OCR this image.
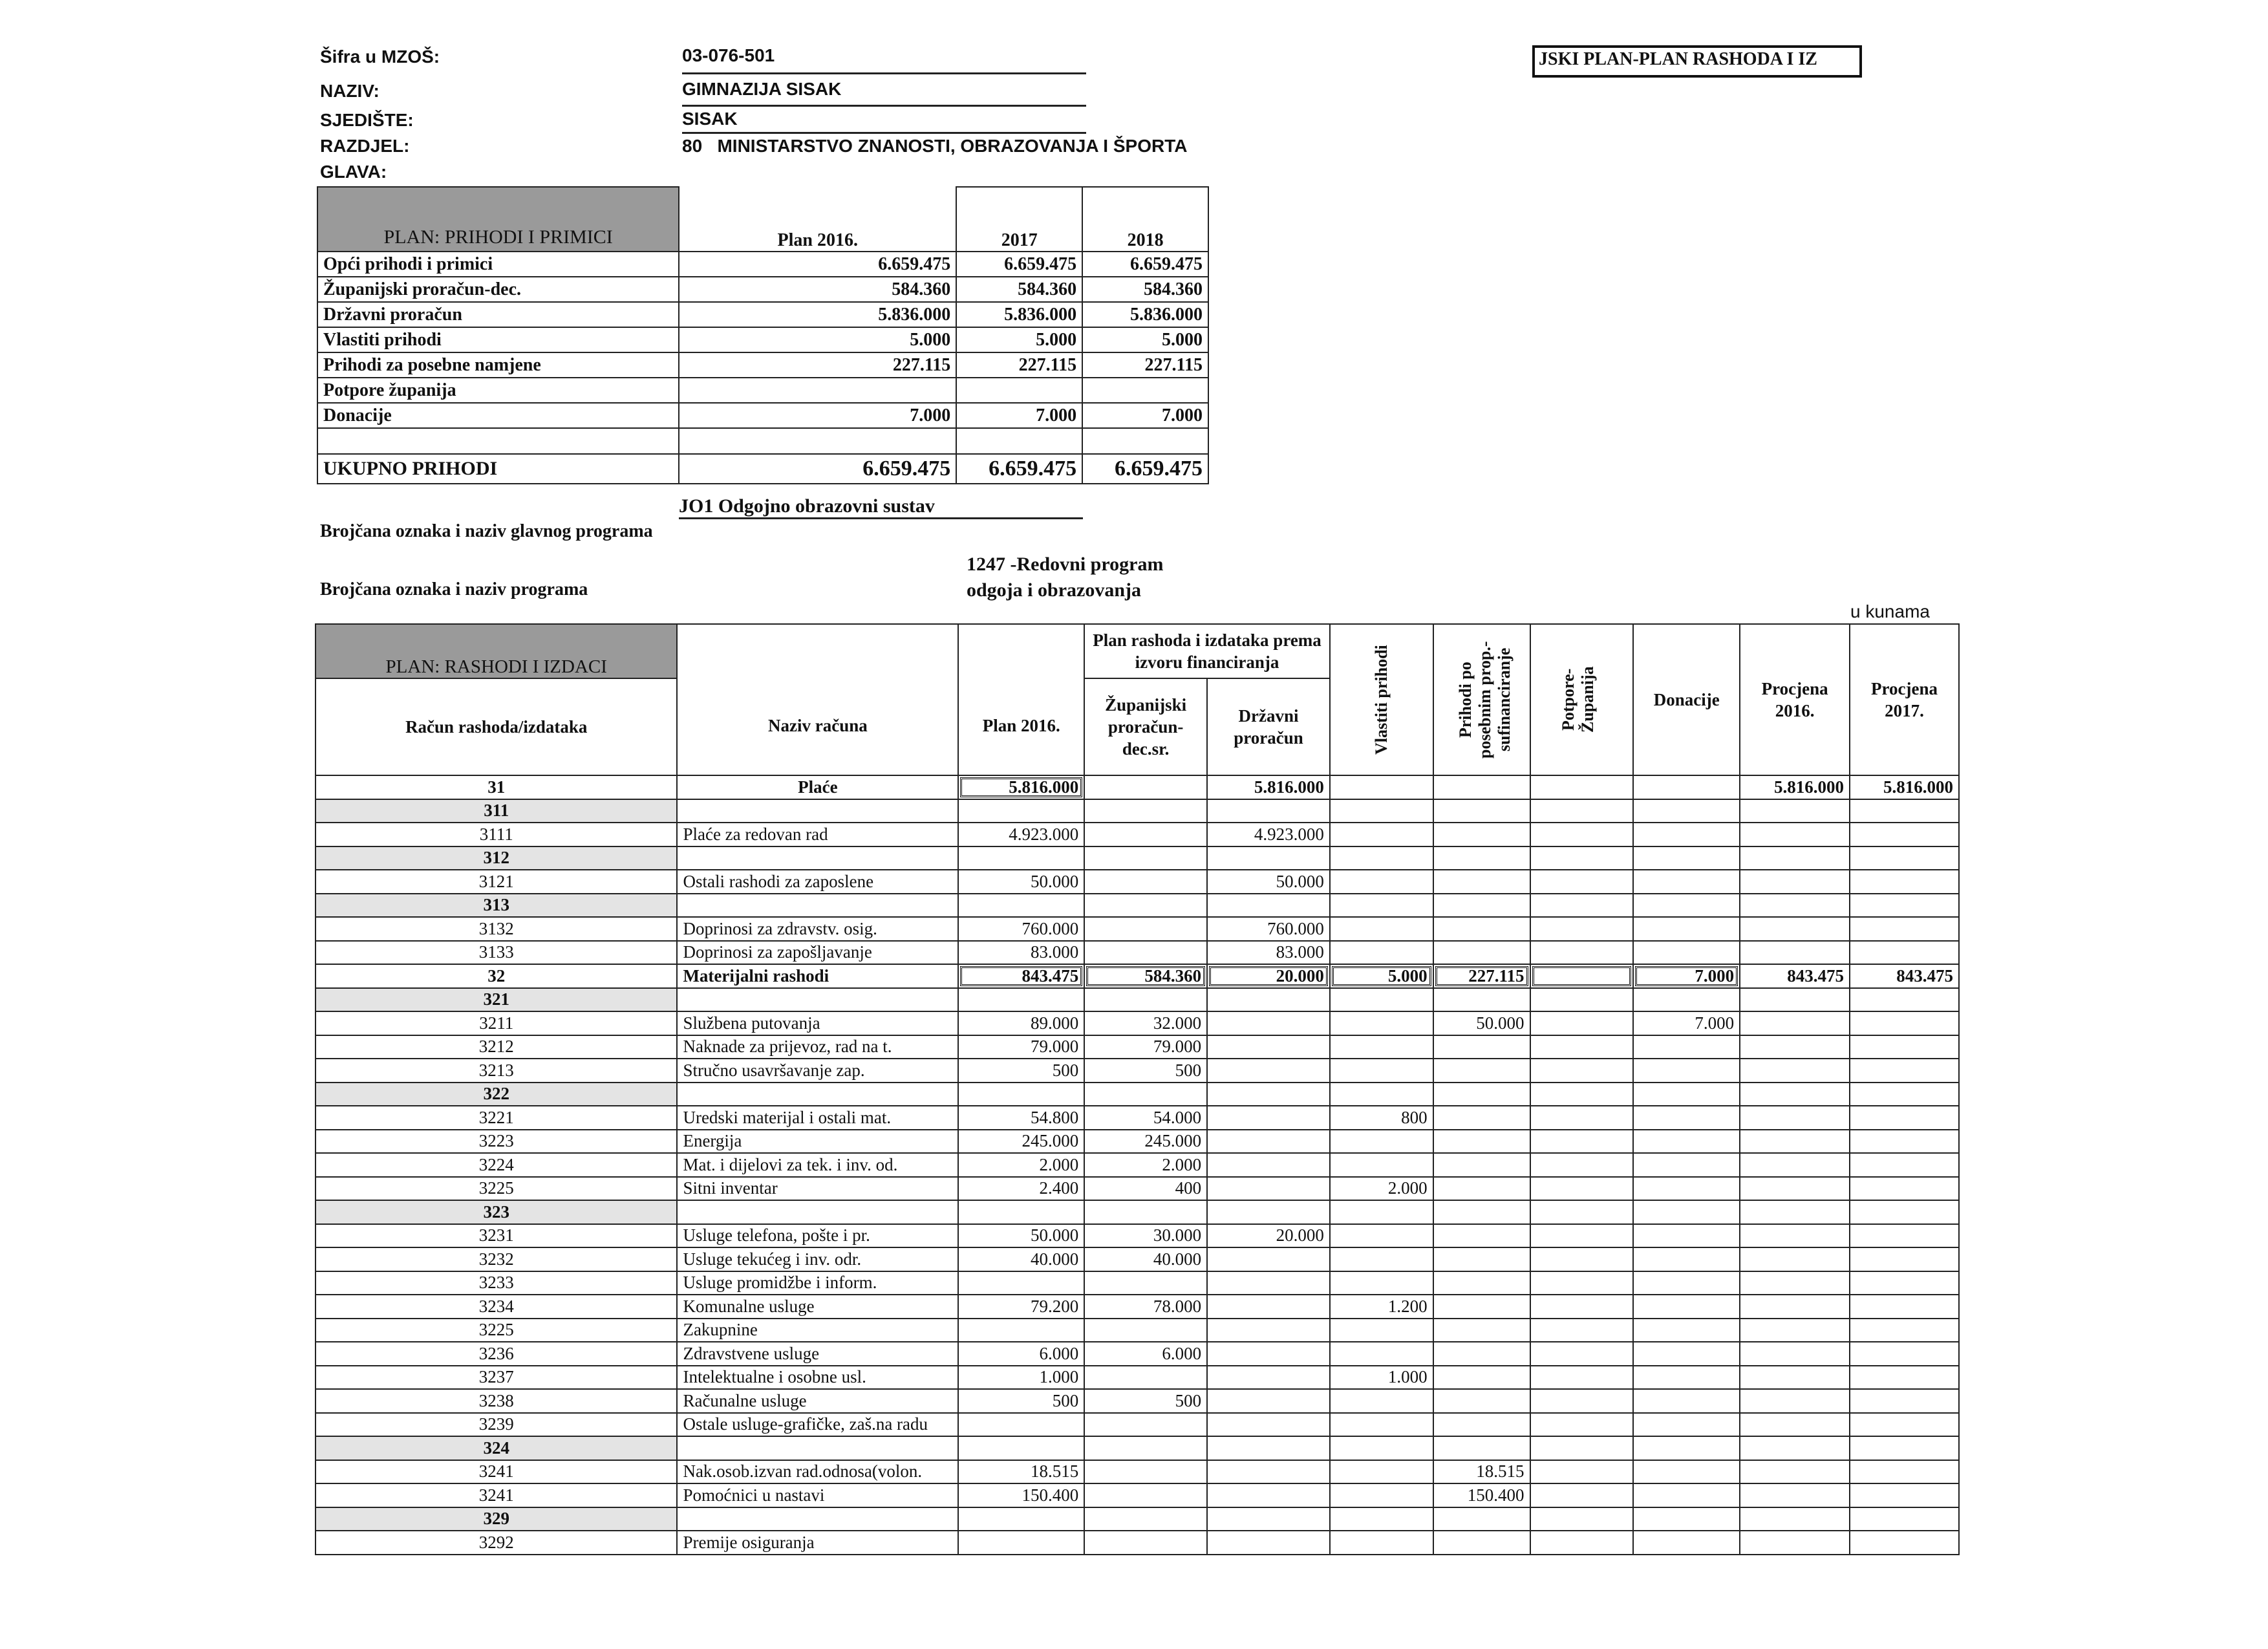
Šifra u MZOŠ:	03-076-501
NAZIV:	GIMNAZIJA SISAK
SJEDIŠTE:	SISAK
RAZDJEL:	80   MINISTARSTVO ZNANOSTI, OBRAZOVANJA I ŠPORTA
GLAVA:
JSKI PLAN-PLAN RASHODA I IZ
PLAN: PRIHODI I PRIMICI	Plan 2016.	2017	2018
Opći prihodi i primici	6.659.475	6.659.475	6.659.475
Županijski proračun-dec.	584.360	584.360	584.360
Državni proračun	5.836.000	5.836.000	5.836.000
Vlastiti prihodi	5.000	5.000	5.000
Prihodi za posebne namjene	227.115	227.115	227.115
Potpore županija			
Donacije	7.000	7.000	7.000

UKUPNO PRIHODI	6.659.475	6.659.475	6.659.475
JO1 Odgojno obrazovni sustav
Brojčana oznaka i naziv glavnog programa
1247 -Redovni program
odgoja i obrazovanja
Brojčana oznaka i naziv programa
u kunama
PLAN: RASHODI I IZDACI	Naziv računa	Plan 2016.	Plan rashoda i izdataka prema izvoru financiranja		Vlastiti prihodi	Prihodi po posebnim prop.-sufinanciranje	Potpore-Županija	Donacije	Procjena 2016.	Procjena 2017.
Račun rashoda/izdataka			Županijski proračun-dec.sr.	Državni proračun						
31	Plaće	5.816.000		5.816.000					5.816.000	5.816.000
311										
3111	Plaće za redovan rad	4.923.000		4.923.000						
312										
3121	Ostali rashodi za zaposlene	50.000		50.000						
313										
3132	Doprinosi za zdravstv. osig.	760.000		760.000						
3133	Doprinosi za zapošljavanje	83.000		83.000						
32	Materijalni rashodi	843.475	584.360	20.000	5.000	227.115		7.000	843.475	843.475
321										
3211	Službena putovanja	89.000	32.000			50.000		7.000		
3212	Naknade za prijevoz, rad na t.	79.000	79.000							
3213	Stručno usavršavanje zap.	500	500							
322										
3221	Uredski materijal i ostali mat.	54.800	54.000		800					
3223	Energija	245.000	245.000							
3224	Mat. i dijelovi za tek. i inv. od.	2.000	2.000							
3225	Sitni inventar	2.400	400		2.000					
323										
3231	Usluge telefona, pošte i pr.	50.000	30.000	20.000						
3232	Usluge tekućeg i inv. odr.	40.000	40.000							
3233	Usluge promidžbe i inform.									
3234	Komunalne usluge	79.200	78.000		1.200					
3225	Zakupnine									
3236	Zdravstvene usluge	6.000	6.000							
3237	Intelektualne i osobne usl.	1.000			1.000					
3238	Računalne usluge	500	500							
3239	Ostale usluge-grafičke, zaš.na radu									
324										
3241	Nak.osob.izvan rad.odnosa(volon.	18.515				18.515				
3241	Pomoćnici u nastavi	150.400				150.400				
329										
3292	Premije osiguranja									
